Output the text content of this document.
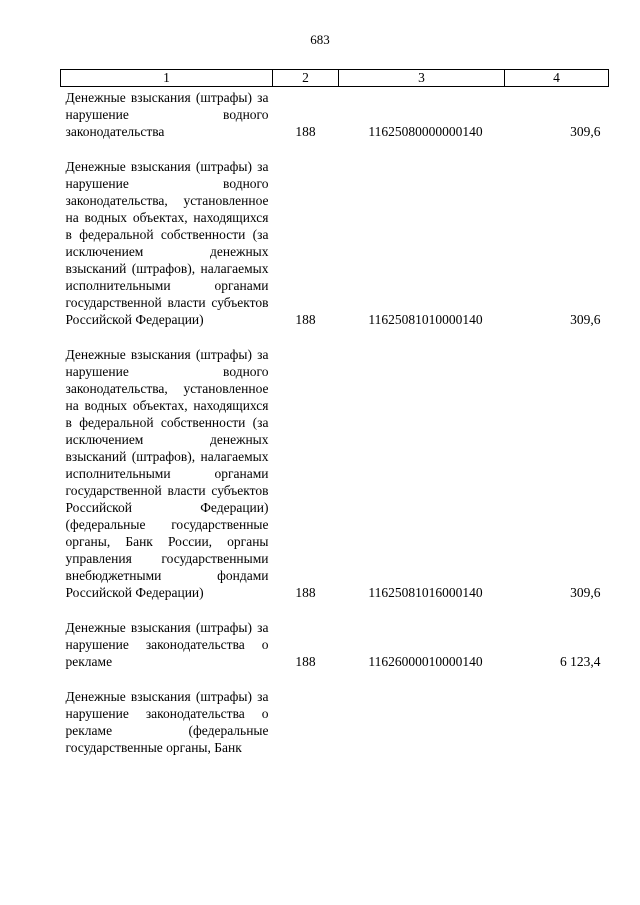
683
1	2	3	4
Денежные взыскания (штрафы) за нарушение водного законодательства	188	11625080000000140	309,6
Денежные взыскания (штрафы) за нарушение водного законодательства, установленное на водных объектах, находящихся в федеральной собственности (за исключением денежных взысканий (штрафов), налагаемых исполнительными органами государственной власти субъектов Российской Федерации)	188	11625081010000140	309,6
Денежные взыскания (штрафы) за нарушение водного законодательства, установленное на водных объектах, находящихся в федеральной собственности (за исключением денежных взысканий (штрафов), налагаемых исполнительными органами государственной власти субъектов Российской Федерации) (федеральные государственные органы, Банк России, органы управления государственными внебюджетными фондами Российской Федерации)	188	11625081016000140	309,6
Денежные взыскания (штрафы) за нарушение законодательства о рекламе	188	11626000010000140	6 123,4
Денежные взыскания (штрафы) за нарушение законодательства о рекламе (федеральные государственные органы, Банк			
